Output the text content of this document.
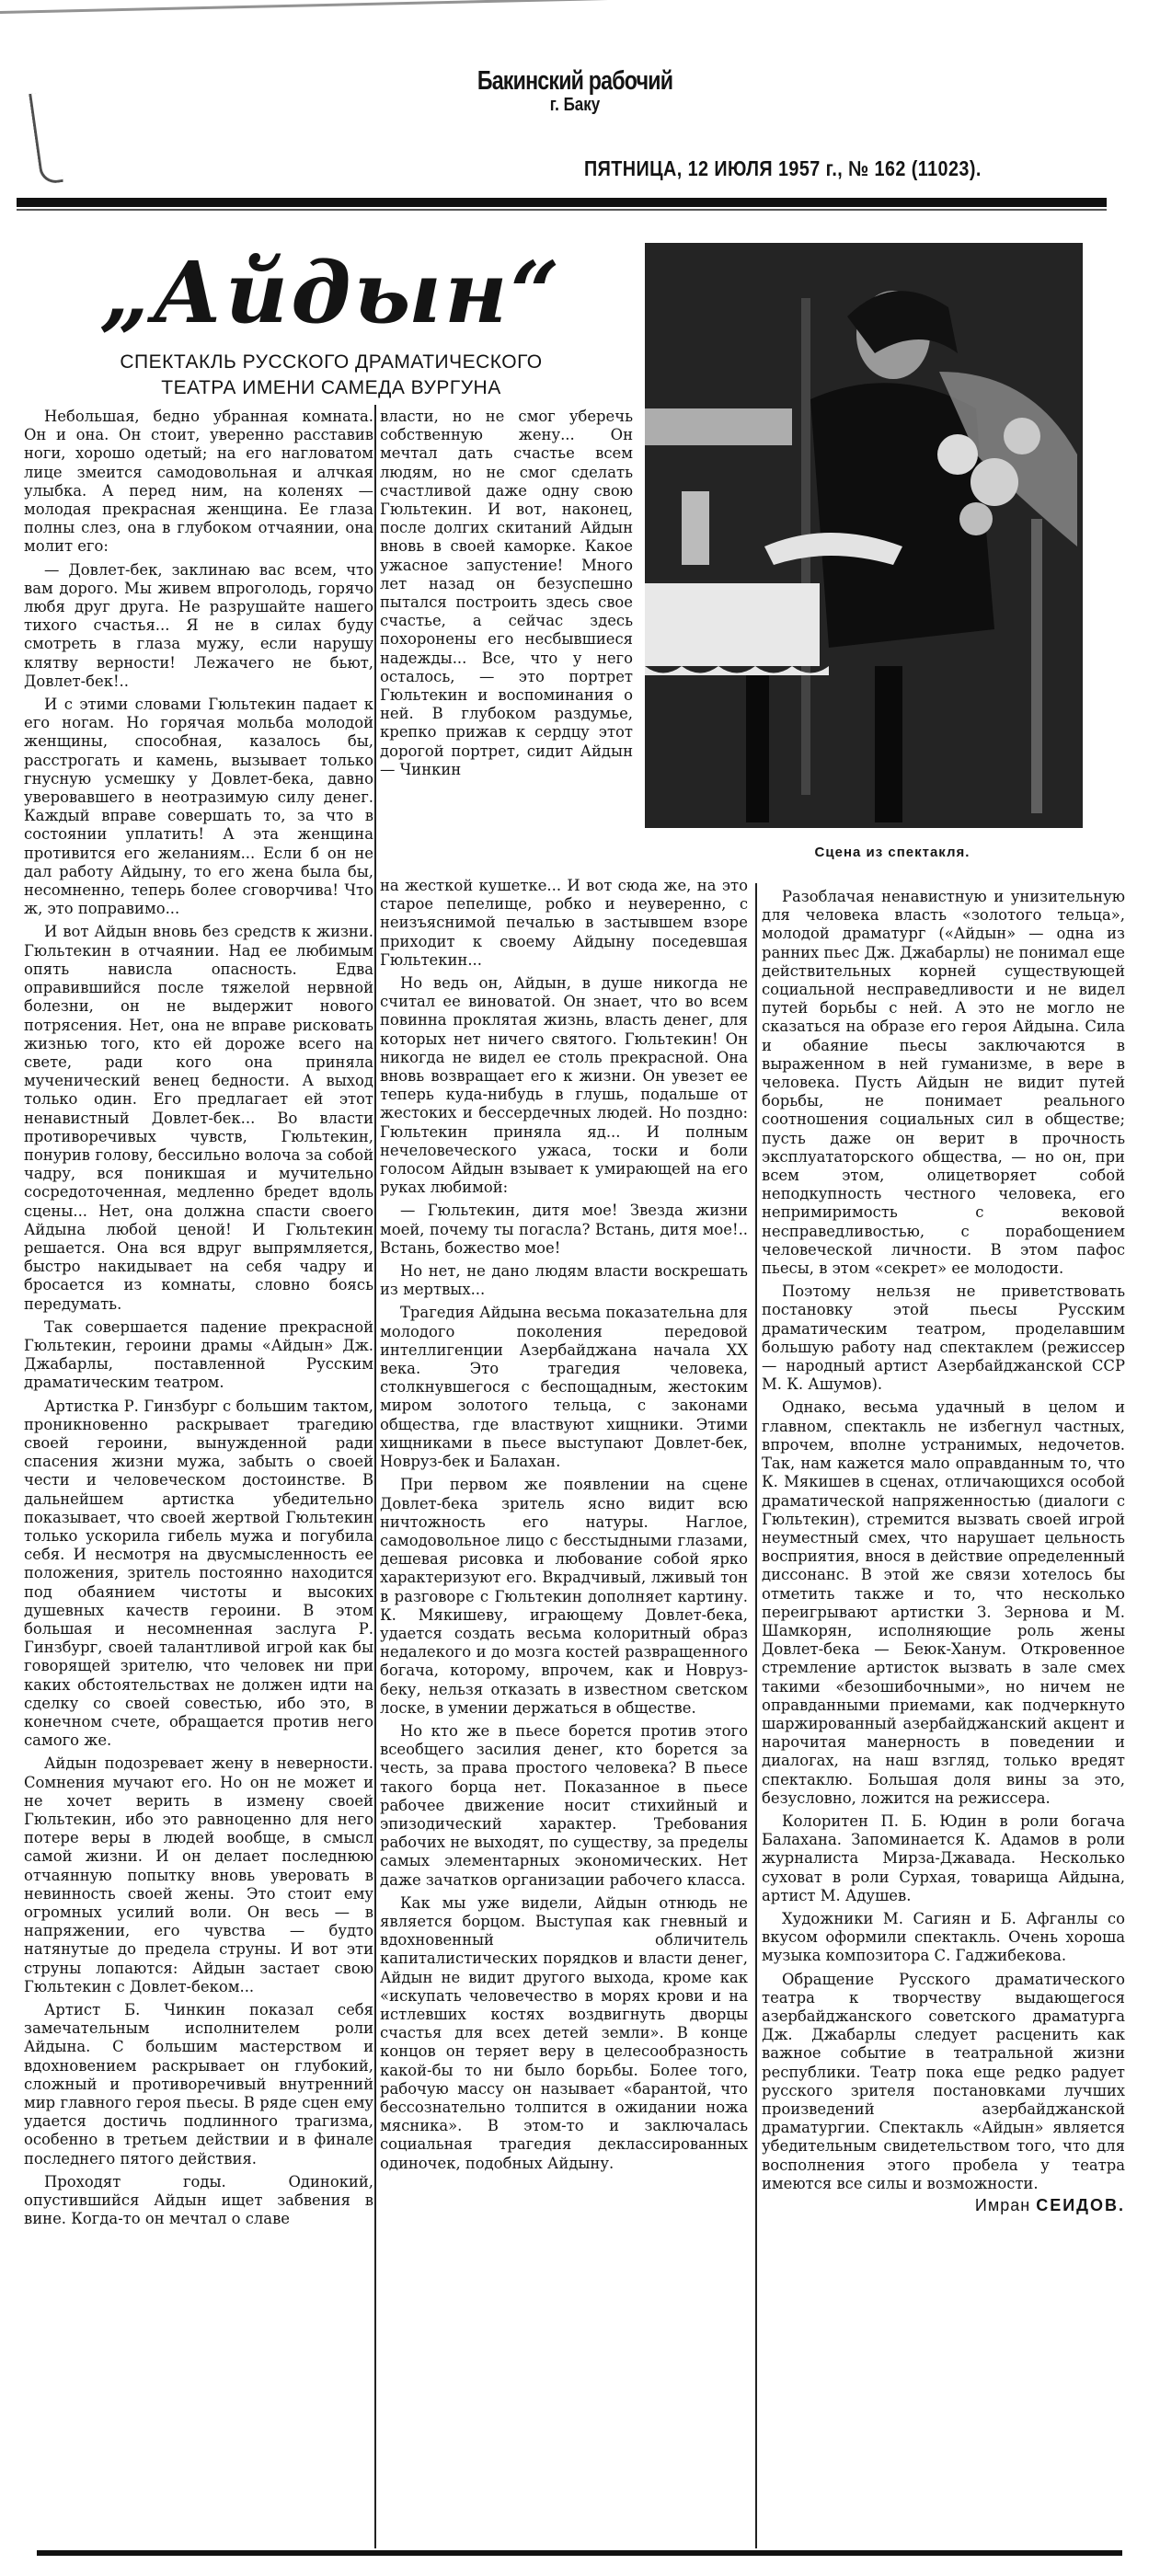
Бакинский рабочий
г. Баку
ПЯТНИЦА, 12 ИЮЛЯ 1957 г., № 162 (11023).
„Айдын“
СПЕКТАКЛЬ РУССКОГО ДРАМАТИЧЕСКОГО
ТЕАТРА ИМЕНИ САМЕДА ВУРГУНА
Сцена из спектакля.

Небольшая, бедно убранная комната. Он и она. Он стоит, уверенно расставив ноги, хорошо одетый; на его нагловатом лице змеится самодовольная и алчкая улыбка. А перед ним, на коленях — молодая прекрасная женщина. Ее глаза полны слез, она в глубоком отчаянии, она молит его:

— Довлет-бек, заклинаю вас всем, что вам дорого. Мы живем впроголодь, горячо любя друг друга. Не разрушайте нашего тихого счастья... Я не в силах буду смотреть в глаза мужу, если нарушу клятву верности! Лежачего не бьют, Довлет-бек!..

И с этими словами Гюльтекин падает к его ногам. Но горячая мольба молодой женщины, способная, казалось бы, расстрогать и камень, вызывает только гнусную усмешку у Довлет-бека, давно уверовавшего в неотразимую силу денег. Каждый вправе совершать то, за что в состоянии уплатить! А эта женщина противится его желаниям... Если б он не дал работу Айдыну, то его жена была бы, несомненно, теперь более сговорчива! Что ж, это поправимо...

И вот Айдын вновь без средств к жизни. Гюльтекин в отчаянии. Над ее любимым опять нависла опасность. Едва оправившийся после тяжелой нервной болезни, он не выдержит нового потрясения. Нет, она не вправе рисковать жизнью того, кто ей дороже всего на свете, ради кого она приняла мученический венец бедности. А выход только один. Его предлагает ей этот ненавистный Довлет-бек... Во власти противоречивых чувств, Гюльтекин, понурив голову, бессильно волоча за собой чадру, вся поникшая и мучительно сосредоточенная, медленно бредет вдоль сцены... Нет, она должна спасти своего Айдына любой ценой! И Гюльтекин решается. Она вся вдруг выпрямляется, быстро накидывает на себя чадру и бросается из комнаты, словно боясь передумать.

Так совершается падение прекрасной Гюльтекин, героини драмы «Айдын» Дж. Джабарлы, поставленной Русским драматическим театром.

Артистка Р. Гинзбург с большим тактом, проникновенно раскрывает трагедию своей героини, вынужденной ради спасения жизни мужа, забыть о своей чести и человеческом достоинстве. В дальнейшем артистка убедительно показывает, что своей жертвой Гюльтекин только ускорила гибель мужа и погубила себя. И несмотря на двусмысленность ее положения, зритель постоянно находится под обаянием чистоты и высоких душевных качеств героини. В этом большая и несомненная заслуга Р. Гинзбург, своей талантливой игрой как бы говорящей зрителю, что человек ни при каких обстоятельствах не должен идти на сделку со своей совестью, ибо это, в конечном счете, обращается против него самого же.

Айдын подозревает жену в неверности. Сомнения мучают его. Но он не может и не хочет верить в измену своей Гюльтекин, ибо это равноценно для него потере веры в людей вообще, в смысл самой жизни. И он делает последнюю отчаянную попытку вновь уверовать в невинность своей жены. Это стоит ему огромных усилий воли. Он весь — в напряжении, его чувства — будто натянутые до предела струны. И вот эти струны лопаются: Айдын застает свою Гюльтекин с Довлет-беком...

Артист Б. Чинкин показал себя замечательным исполнителем роли Айдына. С большим мастерством и вдохновением раскрывает он глубокий, сложный и противоречивый внутренний мир главного героя пьесы. В ряде сцен ему удается достичь подлинного трагизма, особенно в третьем действии и в финале последнего пятого действия.

Проходят годы. Одинокий, опустившийся Айдын ищет забвения в вине. Когда-то он мечтал о славе

власти, но не смог уберечь собственную жену... Он мечтал дать счастье всем людям, но не смог сделать счастливой даже одну свою Гюльтекин. И вот, наконец, после долгих скитаний Айдын вновь в своей каморке. Какое ужасное запустение! Много лет назад он безуспешно пытался построить здесь свое счастье, а сейчас здесь похоронены его несбывшиеся надежды... Все, что у него осталось, — это портрет Гюльтекин и воспоминания о ней. В глубоком раздумье, крепко прижав к сердцу этот дорогой портрет, сидит Айдын — Чинкин

на жесткой кушетке... И вот сюда же, на это старое пепелище, робко и неуверенно, с неизъяснимой печалью в застывшем взоре приходит к своему Айдыну поседевшая Гюльтекин...

Но ведь он, Айдын, в душе никогда не считал ее виноватой. Он знает, что во всем повинна проклятая жизнь, власть денег, для которых нет ничего святого. Гюльтекин! Он никогда не видел ее столь прекрасной. Она вновь возвращает его к жизни. Он увезет ее теперь куда-нибудь в глушь, подальше от жестоких и бессердечных людей. Но поздно: Гюльтекин приняла яд... И полным нечеловеческого ужаса, тоски и боли голосом Айдын взывает к умирающей на его руках любимой:

— Гюльтекин, дитя мое! Звезда жизни моей, почему ты погасла? Встань, дитя мое!.. Встань, божество мое!

Но нет, не дано людям власти воскрешать из мертвых...

Трагедия Айдына весьма показательна для молодого поколения передовой интеллигенции Азербайджана начала XX века. Это трагедия человека, столкнувшегося с беспощадным, жестоким миром золотого тельца, с законами общества, где властвуют хищники. Этими хищниками в пьесе выступают Довлет-бек, Новруз-бек и Балахан.

При первом же появлении на сцене Довлет-бека зритель ясно видит всю ничтожность его натуры. Наглое, самодовольное лицо с бесстыдными глазами, дешевая рисовка и любование собой ярко характеризуют его. Вкрадчивый, лживый тон в разговоре с Гюльтекин дополняет картину. К. Мякишеву, играющему Довлет-бека, удается создать весьма колоритный образ недалекого и до мозга костей развращенного богача, которому, впрочем, как и Новруз-беку, нельзя отказать в известном светском лоске, в умении держаться в обществе.

Но кто же в пьесе борется против этого всеобщего засилия денег, кто борется за честь, за права простого человека? В пьесе такого борца нет. Показанное в пьесе рабочее движение носит стихийный и эпизодический характер. Требования рабочих не выходят, по существу, за пределы самых элементарных экономических. Нет даже зачатков организации рабочего класса.

Как мы уже видели, Айдын отнюдь не является борцом. Выступая как гневный и вдохновенный обличитель капиталистических порядков и власти денег, Айдын не видит другого выхода, кроме как «искупать человечество в морях крови и на истлевших костях воздвигнуть дворцы счастья для всех детей земли». В конце концов он теряет веру в целесообразность какой-бы то ни было борьбы. Более того, рабочую массу он называет «барантой, что бессознательно толпится в ожидании ножа мясника». В этом-то и заключалась социальная трагедия деклассированных одиночек, подобных Айдыну.

Разоблачая ненавистную и унизительную для человека власть «золотого тельца», молодой драматург («Айдын» — одна из ранних пьес Дж. Джабарлы) не понимал еще действительных корней существующей социальной несправедливости и не видел путей борьбы с ней. А это не могло не сказаться на образе его героя Айдына. Сила и обаяние пьесы заключаются в выраженном в ней гуманизме, в вере в человека. Пусть Айдын не видит путей борьбы, не понимает реального соотношения социальных сил в обществе; пусть даже он верит в прочность эксплуататорского общества, — но он, при всем этом, олицетворяет собой неподкупность честного человека, его непримиримость с вековой несправедливостью, с порабощением человеческой личности. В этом пафос пьесы, в этом «секрет» ее молодости.

Поэтому нельзя не приветствовать постановку этой пьесы Русским драматическим театром, проделавшим большую работу над спектаклем (режиссер — народный артист Азербайджанской ССР М. К. Ашумов).

Однако, весьма удачный в целом и главном, спектакль не избегнул частных, впрочем, вполне устранимых, недочетов. Так, нам кажется мало оправданным то, что К. Мякишев в сценах, отличающихся особой драматической напряженностью (диалоги с Гюльтекин), стремится вызвать своей игрой неуместный смех, что нарушает цельность восприятия, внося в действие определенный диссонанс. В этой же связи хотелось бы отметить также и то, что несколько переигрывают артистки З. Зернова и М. Шамкорян, исполняющие роль жены Довлет-бека — Беюк-Ханум. Откровенное стремление артисток вызвать в зале смех такими «безошибочными», но ничем не оправданными приемами, как подчеркнуто шаржированный азербайджанский акцент и нарочитая манерность в поведении и диалогах, на наш взгляд, только вредят спектаклю. Большая доля вины за это, безусловно, ложится на режиссера.

Колоритен П. Б. Юдин в роли богача Балахана. Запоминается К. Адамов в роли журналиста Мирза-Джавада. Несколько суховат в роли Сурхая, товарища Айдына, артист М. Адушев.

Художники М. Сагиян и Б. Афганлы со вкусом оформили спектакль. Очень хороша музыка композитора С. Гаджибекова.

Обращение Русского драматического театра к творчеству выдающегося азербайджанского советского драматурга Дж. Джабарлы следует расценить как важное событие в театральной жизни республики. Театр пока еще редко радует русского зрителя постановками лучших произведений азербайджанской драматургии. Спектакль «Айдын» является убедительным свидетельством того, что для восполнения этого пробела у театра имеются все силы и возможности.

Имран СЕИДОВ.
